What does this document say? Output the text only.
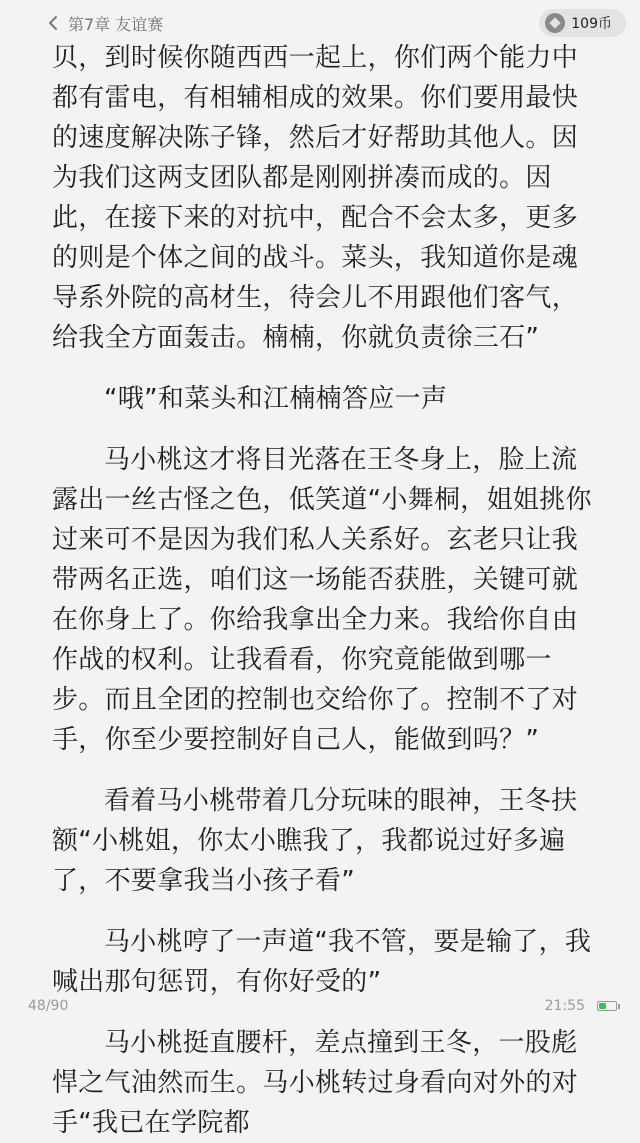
第7章 友谊赛	109币

贝，到时候你随西西一起上，你们两个能力中都有雷电，有相辅相成的效果。你们要用最快的速度解决陈子锋，然后才好帮助其他人。因为我们这两支团队都是刚刚拼凑而成的。因此，在接下来的对抗中，配合不会太多，更多的则是个体之间的战斗。菜头，我知道你是魂导系外院的高材生，待会儿不用跟他们客气，给我全方面轰击。楠楠，你就负责徐三石”

“哦”和菜头和江楠楠答应一声

马小桃这才将目光落在王冬身上，脸上流露出一丝古怪之色，低笑道“小舞桐，姐姐挑你过来可不是因为我们私人关系好。玄老只让我带两名正选，咱们这一场能否获胜，关键可就在你身上了。你给我拿出全力来。我给你自由作战的权利。让我看看，你究竟能做到哪一步。而且全团的控制也交给你了。控制不了对手，你至少要控制好自己人，能做到吗？”

看着马小桃带着几分玩味的眼神，王冬扶额“小桃姐，你太小瞧我了，我都说过好多遍了，不要拿我当小孩子看”

马小桃哼了一声道“我不管，要是输了，我喊出那句惩罚，有你好受的”

马小桃挺直腰杆，差点撞到王冬，一股彪悍之气油然而生。马小桃转过身看向对外的对手“我已在学院都

48/90	21:55
